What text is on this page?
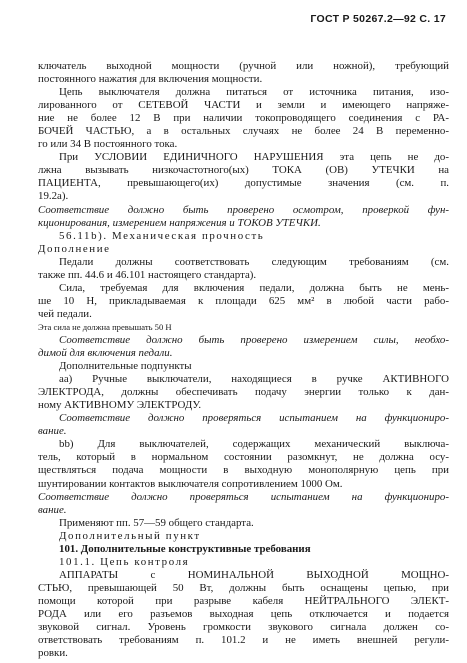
ГОСТ Р 50267.2—92 С. 17
ключатель выходной мощности (ручной или ножной), требующий
постоянного нажатия для включения мощности.
Цепь выключателя должна питаться от источника питания, изо-
лированного от СЕТЕВОЙ ЧАСТИ и земли и имеющего напряже-
ние не более 12 В при наличии токопроводящего соединения с РА-
БОЧЕЙ ЧАСТЬЮ, а в остальных случаях не более 24 В переменно-
го или 34 В постоянного тока.
При УСЛОВИИ ЕДИНИЧНОГО НАРУШЕНИЯ эта цепь не до-
лжна вызывать низкочастотного(ых) ТОКА (ОВ) УТЕЧКИ на
ПАЦИЕНТА, превышающего(их) допустимые значения (см. п.
19.2а).
Соответствие должно быть проверено осмотром, проверкой фун-
кционирования, измерением напряжения и ТОКОВ УТЕЧКИ.
56.11b). Механическая прочность
Дополнение
Педали должны соответствовать следующим требованиям (см.
также пп. 44.6 и 46.101 настоящего стандарта).
Сила, требуемая для включения педали, должна быть не мень-
ше 10 Н, прикладываемая к площади 625 мм² в любой части рабо-
чей педали.
Эта сила не должна превышать 50 Н
Соответствие должно быть проверено измерением силы, необхо-
димой для включения педали.
Дополнительные подпункты
аа) Ручные выключатели, находящиеся в ручке АКТИВНОГО
ЭЛЕКТРОДА, должны обеспечивать подачу энергии только к дан-
ному АКТИВНОМУ ЭЛЕКТРОДУ.
Соответствие должно проверяться испытанием на функциониро-
вание.
bb) Для выключателей, содержащих механический выключа-
тель, который в нормальном состоянии разомкнут, не должна осу-
ществляться подача мощности в выходную монополярную цепь при
шунтировании контактов выключателя сопротивлением 1000 Ом.
Соответствие должно проверяться испытанием на функциониро-
вание.
Применяют пп. 57—59 общего стандарта.
Дополнительный пункт
101. Дополнительные конструктивные требования
101.1. Цепь контроля
АППАРАТЫ с НОМИНАЛЬНОЙ ВЫХОДНОЙ МОЩНО-
СТЬЮ, превышающей 50 Вт, должны быть оснащены цепью, при
помощи которой при разрыве кабеля НЕЙТРАЛЬНОГО ЭЛЕКТ-
РОДА или его разъемов выходная цепь отключается и подается
звуковой сигнал. Уровень громкости звукового сигнала должен со-
ответствовать требованиям п. 101.2 и не иметь внешней регули-
ровки.
